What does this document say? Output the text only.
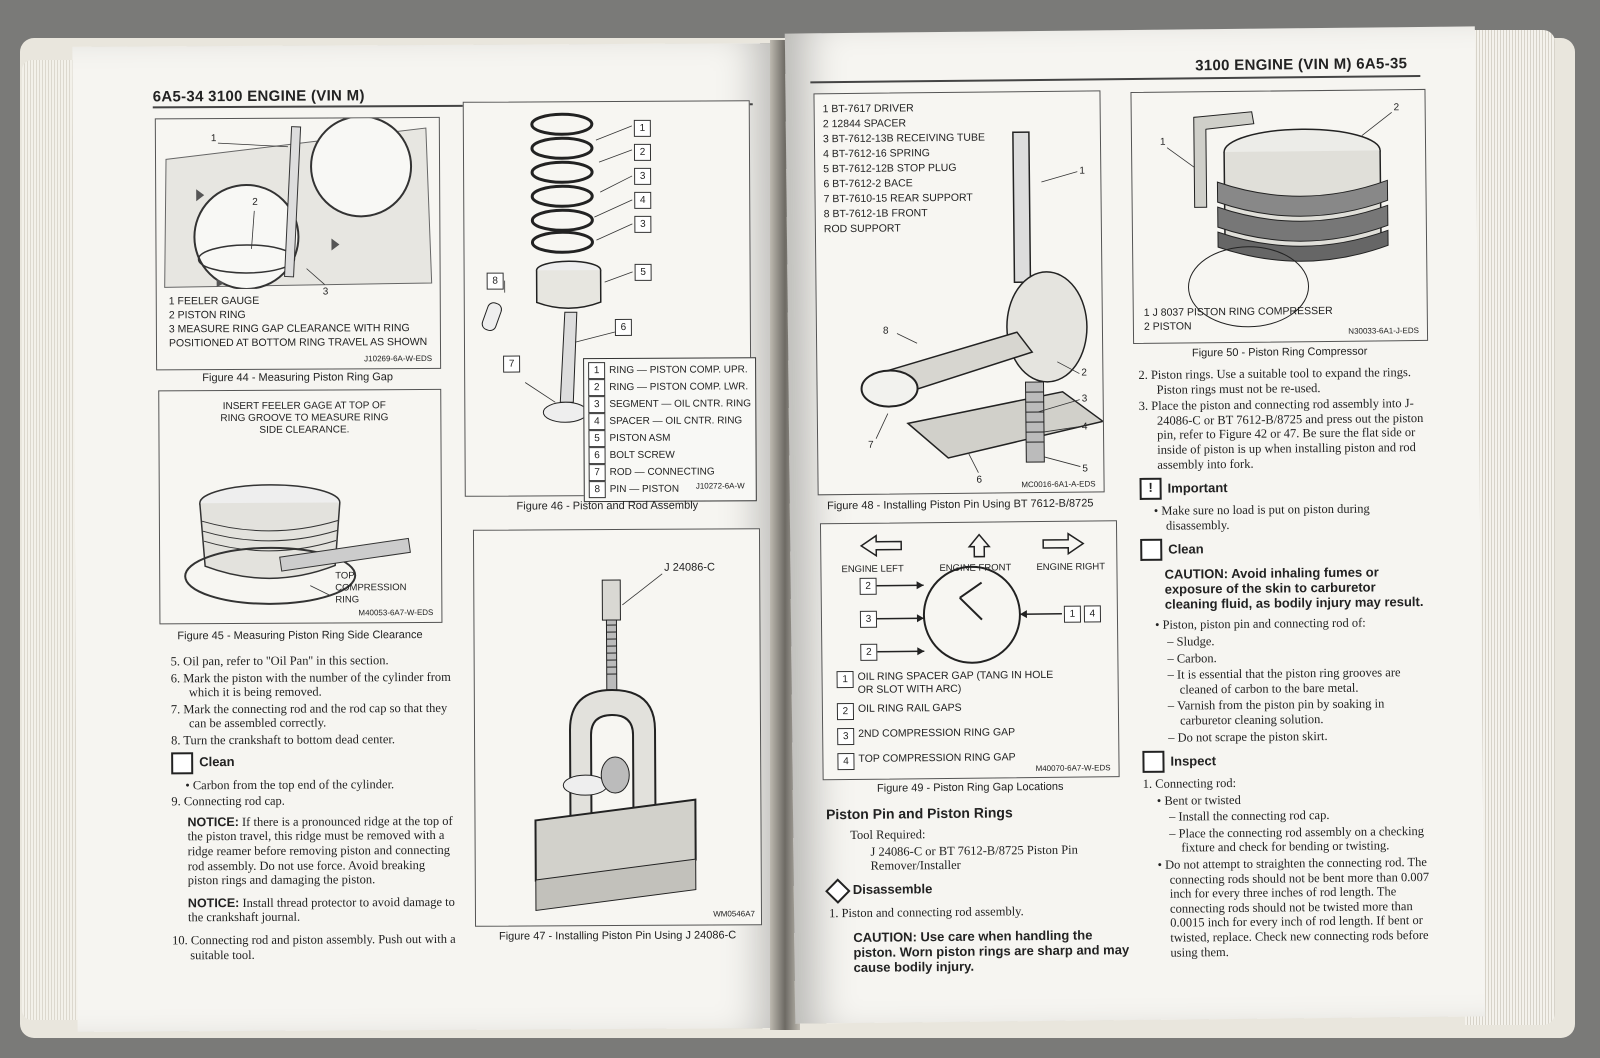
6A5-34 3100 ENGINE (VIN M)
1
2
3
1 FEELER GAUGE
2 PISTON RING
3 MEASURE RING GAP CLEARANCE WITH RING
POSITIONED AT BOTTOM RING TRAVEL AS SHOWN
J10269-6A-W-EDS
Figure 44 - Measuring Piston Ring Gap
INSERT FEELER GAGE AT TOP OF RING GROOVE TO MEASURE RING SIDE CLEARANCE.
TOP COMPRESSION RING
M40053-6A7-W-EDS
Figure 45 - Measuring Piston Ring Side Clearance
1
2
3
4
3
5
8
6
7
1 RING — PISTON COMP. UPR.
2 RING — PISTON COMP. LWR.
3 SEGMENT — OIL CNTR. RING
4 SPACER — OIL CNTR. RING
5 PISTON ASM
6 BOLT SCREW
7 ROD — CONNECTING
8 PIN — PISTON	J10272-6A-W
Figure 46 - Piston and Rod Assembly
J 24086-C
WM0546A7
Figure 47 - Installing Piston Pin Using J 24086-C

5. Oil pan, refer to ''Oil Pan'' in this section.

6. Mark the piston with the number of the cylinder from which it is being removed.

7. Mark the connecting rod and the rod cap so that they can be assembled correctly.

8. Turn the crankshaft to bottom dead center.

Clean

• Carbon from the top end of the cylinder.

9. Connecting rod cap.

NOTICE: If there is a pronounced ridge at the top of the piston travel, this ridge must be removed with a ridge reamer before removing piston and connecting rod assembly. Do not use force. Avoid breaking piston rings and damaging the piston.

NOTICE: Install thread protector to avoid damage to the crankshaft journal.

10. Connecting rod and piston assembly. Push out with a suitable tool.

3100 ENGINE (VIN M) 6A5-35
1 BT-7617 DRIVER
2 12844 SPACER
3 BT-7612-13B RECEIVING TUBE
4 BT-7612-16 SPRING
5 BT-7612-12B STOP PLUG
6 BT-7612-2 BACE
7 BT-7610-15 REAR SUPPORT
8 BT-7612-1B FRONT
ROD SUPPORT
1
2
3
4
5
6
7
8
MC0016-6A1-A-EDS
Figure 48 - Installing Piston Pin Using BT 7612-B/8725
ENGINE LEFT	ENGINE FRONT	ENGINE RIGHT
2
3
2
1	4
1 OIL RING SPACER GAP (TANG IN HOLE OR SLOT WITH ARC)
2 OIL RING RAIL GAPS
3 2ND COMPRESSION RING GAP
4 TOP COMPRESSION RING GAP
M40070-6A7-W-EDS
Figure 49 - Piston Ring Gap Locations
1
2
1 J 8037 PISTON RING COMPRESSER
2 PISTON	N30033-6A1-J-EDS
Figure 50 - Piston Ring Compressor
Piston Pin and Piston Rings

Tool Required:

J 24086-C or BT 7612-B/8725 Piston Pin Remover/Installer

Disassemble

1. Piston and connecting rod assembly.

CAUTION: Use care when handling the piston. Worn piston rings are sharp and may cause bodily injury.

2. Piston rings. Use a suitable tool to expand the rings. Piston rings must not be re-used.

3. Place the piston and connecting rod assembly into J-24086-C or BT 7612-B/8725 and press out the piston pin, refer to Figure 42 or 47. Be sure the flat side or inside of piston is up when installing piston and rod assembly into fork.

!	Important

• Make sure no load is put on piston during disassembly.

Clean

CAUTION: Avoid inhaling fumes or exposure of the skin to carburetor cleaning fluid, as bodily injury may result.

• Piston, piston pin and connecting rod of:

– Sludge.

– Carbon.

– It is essential that the piston ring grooves are cleaned of carbon to the bare metal.

– Varnish from the piston pin by soaking in carburetor cleaning solution.

– Do not scrape the piston skirt.

Inspect

1. Connecting rod:

• Bent or twisted

– Install the connecting rod cap.

– Place the connecting rod assembly on a checking fixture and check for bending or twisting.

• Do not attempt to straighten the connecting rod. The connecting rods should not be bent more than 0.007 inch for every three inches of rod length. The connecting rods should not be twisted more than 0.0015 inch for every inch of rod length. If bent or twisted, replace. Check new connecting rods before using them.
